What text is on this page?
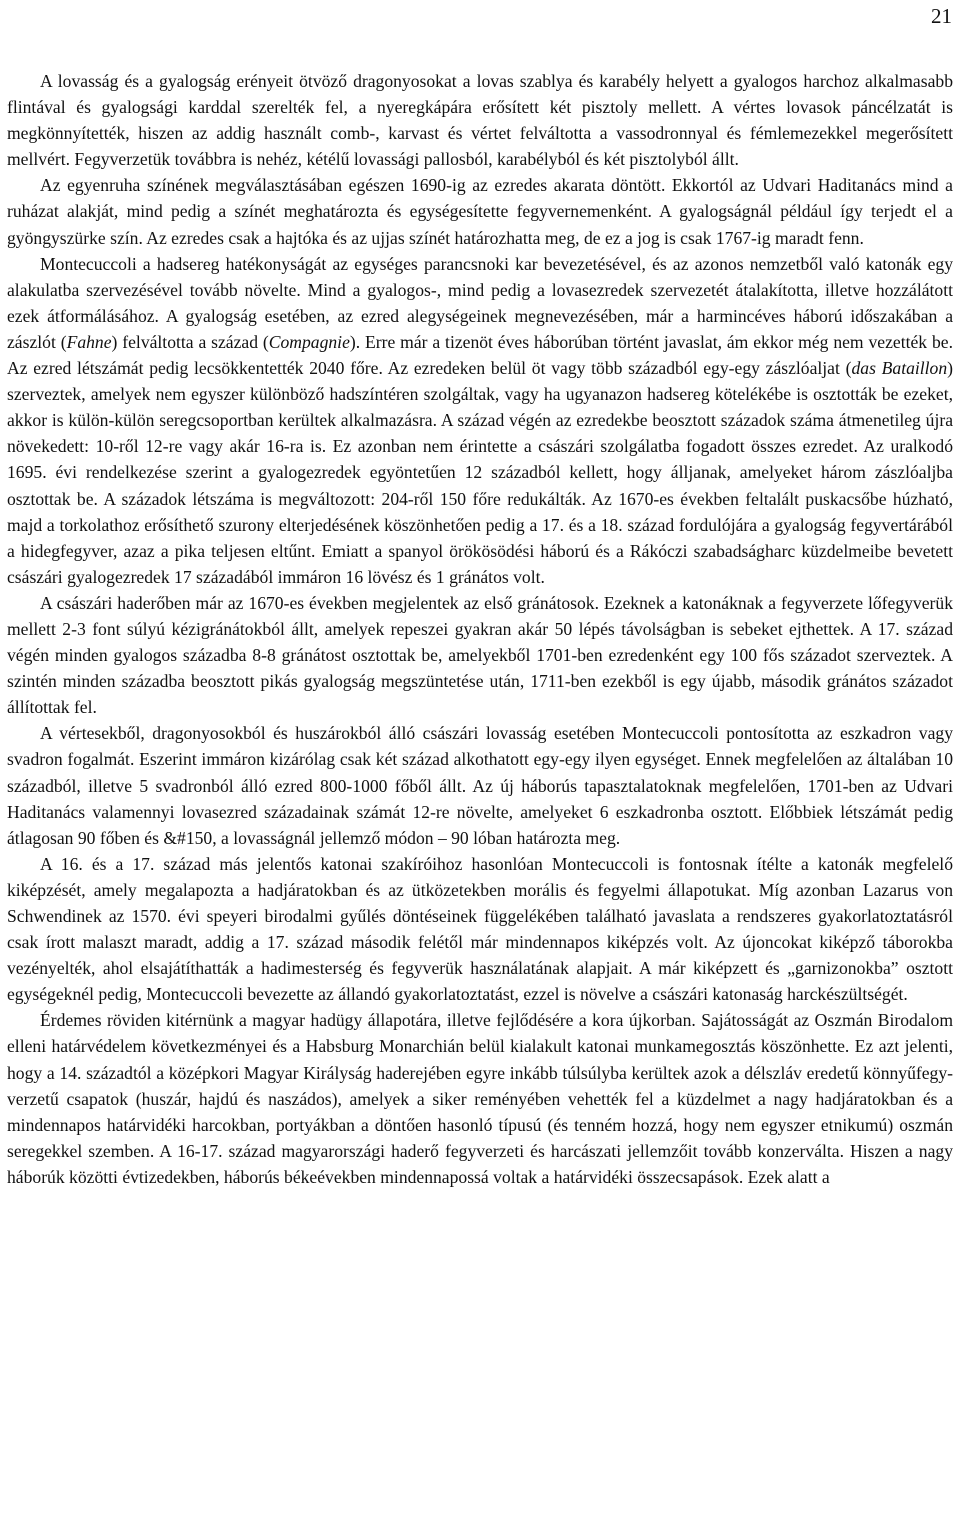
21

A lovasság és a gyalogság erényeit ötvöző dragonyosokat a lovas szablya és karabély helyett a gyalogos harchoz alkalmasabb flintával és gyalogsági karddal szerelték fel, a nyeregkápára erősített két pisztoly mellett. A vértes lovasok páncélzatát is megkönnyítették, hiszen az addig használt comb-, karvast és vértet felváltotta a vassodronnyal és fémlemezekkel megerősített mellvért. Fegyverzetük továbbra is nehéz, kétélű lovassági pallosból, karabélyból és két pisztolyból állt.

Az egyenruha színének megválasztásában egészen 1690-ig az ezredes akarata döntött. Ekkortól az Udvari Haditanács mind a ruházat alakját, mind pedig a színét meghatározta és egységesítette fegyvernemenként. A gyalogságnál például így terjedt el a gyöngyszürke szín. Az ezredes csak a hajtóka és az ujjas színét határozhatta meg, de ez a jog is csak 1767-ig maradt fenn.

Montecuccoli a hadsereg hatékonyságát az egységes parancsnoki kar bevezetésével, és az azonos nemzetből való katonák egy alakulatba szervezésével tovább növelte. Mind a gyalogos-, mind pedig a lovasezredek szervezetét átalakította, illetve hozzálátott ezek átformálásához. A gyalogság esetében, az ezred alegységeinek megnevezésében, már a harmincéves háború időszakában a zászlót (Fahne) felváltotta a század (Compagnie). Erre már a tizenöt éves háborúban történt javaslat, ám ekkor még nem vezették be. Az ezred létszámát pedig lecsökkentették 2040 főre. Az ezredeken belül öt vagy több századból egy-egy zászlóaljat (das Bataillon) szerveztek, amelyek nem egyszer különböző hadszíntéren szolgáltak, vagy ha ugyanazon hadsereg kötelékébe is osztották be ezeket, akkor is külön-külön seregcsoportban kerültek alkalmazásra. A század végén az ezredekbe beosztott századok száma átmenetileg újra növekedett: 10-ről 12-re vagy akár 16-ra is. Ez azonban nem érintette a császári szolgálatba fogadott összes ezredet. Az uralkodó 1695. évi rendelkezése szerint a gyalogezredek egyöntetűen 12 századból kellett, hogy álljanak, amelyeket három zászlóaljba osztottak be. A századok létszáma is megváltozott: 204-ről 150 főre redukálták. Az 1670-es években feltalált puskacsőbe húzható, majd a torkolathoz erősíthető szurony elterjedésének köszönhetően pedig a 17. és a 18. század fordulójára a gyalogság fegyvertárából a hidegfegyver, azaz a pika teljesen eltűnt. Emiatt a spanyol örökösödési háború és a Rákóczi szabadságharc küzdelmeibe bevetett császári gyalogezredek 17 századából immáron 16 lövész és 1 gránátos volt.

A császári haderőben már az 1670-es években megjelentek az első gránátosok. Ezeknek a katonáknak a fegyverzete lőfegyverük mellett 2-3 font súlyú kézigránátokból állt, amelyek repeszei gyakran akár 50 lépés távolságban is sebeket ejthettek. A 17. század végén minden gyalogos századba 8-8 gránátost osztottak be, amelyekből 1701-ben ezredenként egy 100 fős századot szerveztek. A szintén minden századba beosztott pikás gyalogság megszüntetése után, 1711-ben ezekből is egy újabb, második gránátos századot állítottak fel.

A vértesekből, dragonyosokból és huszárokból álló császári lovasság esetében Montecuccoli pontosította az eszkadron vagy svadron fogalmát. Eszerint immáron kizárólag csak két század alkothatott egy-egy ilyen egységet. Ennek megfelelően az általában 10 századból, illetve 5 svadronból álló ezred 800-1000 főből állt. Az új háborús tapasztalatoknak megfelelően, 1701-ben az Udvari Haditanács valamennyi lovasezred századainak számát 12-re növelte, amelyeket 6 eszkadronba osztott. Előbbiek létszámát pedig átlagosan 90 főben és &#150, a lovasságnál jellemző módon – 90 lóban határozta meg.

A 16. és a 17. század más jelentős katonai szakíróihoz hasonlóan Montecuccoli is fontosnak ítélte a katonák megfelelő kiképzését, amely megalapozta a hadjáratokban és az ütközetekben morális és fegyelmi állapotukat. Míg azonban Lazarus von Schwendinek az 1570. évi speyeri birodalmi gyűlés döntéseinek függelékében található javaslata a rendszeres gyakorlatoztatásról csak írott malaszt maradt, addig a 17. század második felétől már mindennapos kiképzés volt. Az újoncokat kiképző táborokba vezényelték, ahol elsajátíthatták a hadimesterség és fegyverük használatának alapjait. A már kiképzett és „garnizonokba” osztott egységeknél pedig, Montecuccoli bevezette az állandó gyakorlatoztatást, ezzel is növelve a császári katonaság harckészültségét.

Érdemes röviden kitérnünk a magyar hadügy állapotára, illetve fejlődésére a kora újkorban. Sajátosságát az Oszmán Birodalom elleni határvédelem következményei és a Habsburg Monarchián belül kialakult katonai munkamegosztás köszönhette. Ez azt jelenti, hogy a 14. századtól a középkori Magyar Királyság haderejében egyre inkább túlsúlyba kerültek azok a délszláv eredetű könnyűfegyverzetű csapatok (huszár, hajdú és naszádos), amelyek a siker reményében vehették fel a küzdelmet a nagy hadjáratokban és a mindennapos határvidéki harcokban, portyákban a döntően hasonló típusú (és tenném hozzá, hogy nem egyszer etnikumú) oszmán seregekkel szemben. A 16-17. század magyarországi haderő fegyverzeti és harcászati jellemzőit tovább konzerválta. Hiszen a nagy háborúk közötti évtizedekben, háborús békeévekben mindennapossá voltak a határvidéki összecsapások. Ezek alatt a
